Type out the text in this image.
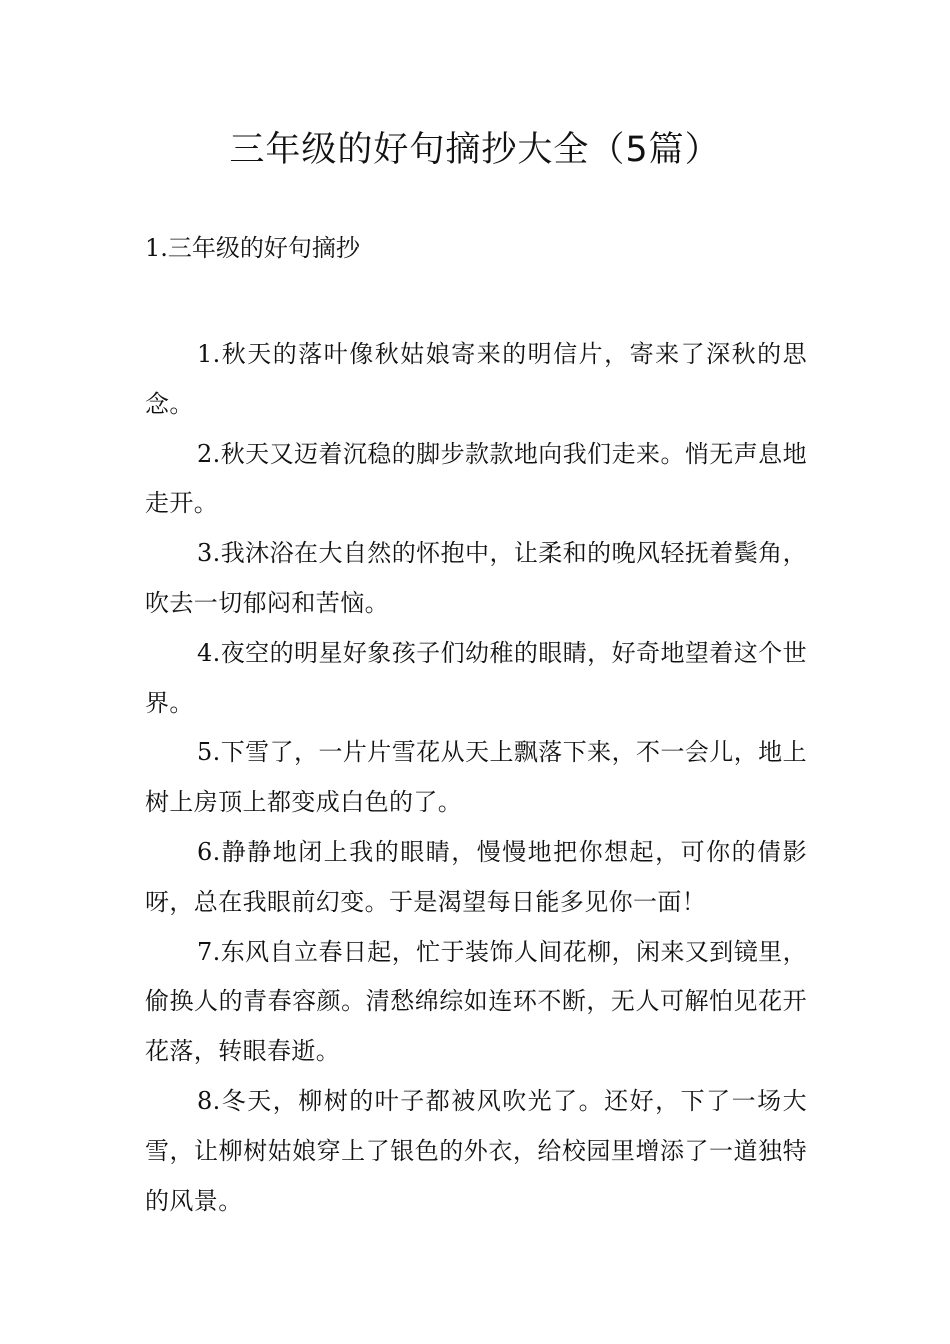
三年级的好句摘抄大全（5篇）
1.三年级的好句摘抄

1.秋天的落叶像秋姑娘寄来的明信片，寄来了深秋的思念。

2.秋天又迈着沉稳的脚步款款地向我们走来。悄无声息地走开。

3.我沐浴在大自然的怀抱中，让柔和的晚风轻抚着鬓角，吹去一切郁闷和苦恼。

4.夜空的明星好象孩子们幼稚的眼睛，好奇地望着这个世界。

5.下雪了，一片片雪花从天上飘落下来，不一会儿，地上树上房顶上都变成白色的了。

6.静静地闭上我的眼睛，慢慢地把你想起，可你的倩影呀，总在我眼前幻变。于是渴望每日能多见你一面！

7.东风自立春日起，忙于装饰人间花柳，闲来又到镜里，偷换人的青春容颜。清愁绵综如连环不断，无人可解怕见花开花落，转眼春逝。

8.冬天，柳树的叶子都被风吹光了。还好，下了一场大雪，让柳树姑娘穿上了银色的外衣，给校园里增添了一道独特的风景。
